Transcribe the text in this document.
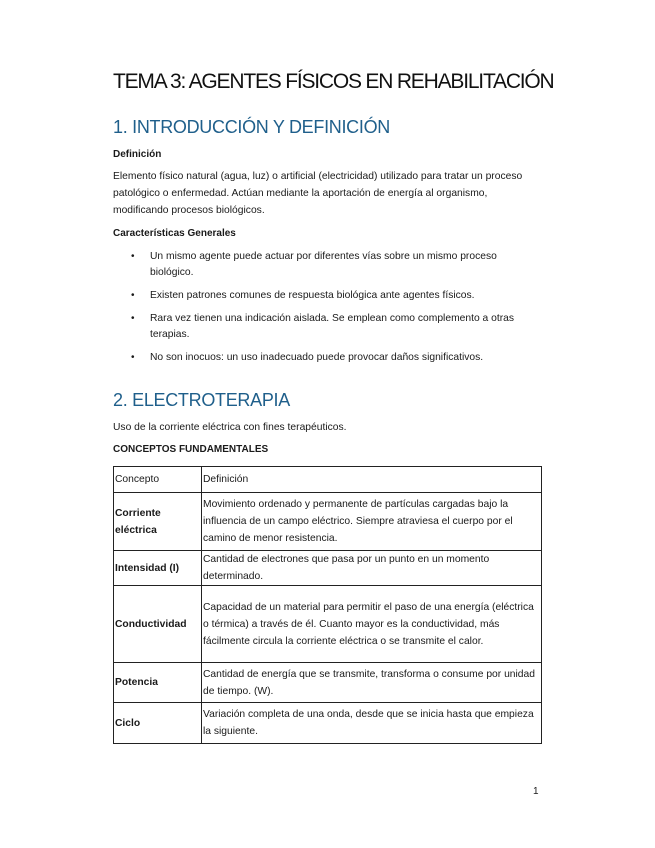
TEMA 3: AGENTES FÍSICOS EN REHABILITACIÓN
1. INTRODUCCIÓN Y DEFINICIÓN

Definición

Elemento físico natural (agua, luz) o artificial (electricidad) utilizado para tratar un proceso patológico o enfermedad. Actúan mediante la aportación de energía al organismo, modificando procesos biológicos.

Características Generales

• Un mismo agente puede actuar por diferentes vías sobre un mismo proceso biológico.
• Existen patrones comunes de respuesta biológica ante agentes físicos.
• Rara vez tienen una indicación aislada. Se emplean como complemento a otras terapias.
• No son inocuos: un uso inadecuado puede provocar daños significativos.
2. ELECTROTERAPIA

Uso de la corriente eléctrica con fines terapéuticos.

CONCEPTOS FUNDAMENTALES

Concepto	Definición
Corriente eléctrica	Movimiento ordenado y permanente de partículas cargadas bajo la influencia de un campo eléctrico. Siempre atraviesa el cuerpo por el camino de menor resistencia.
Intensidad (I)	Cantidad de electrones que pasa por un punto en un momento determinado.
Conductividad	Capacidad de un material para permitir el paso de una energía (eléctrica o térmica) a través de él. Cuanto mayor es la conductividad, más fácilmente circula la corriente eléctrica o se transmite el calor.
Potencia	Cantidad de energía que se transmite, transforma o consume por unidad de tiempo. (W).
Ciclo	Variación completa de una onda, desde que se inicia hasta que empieza la siguiente.
1
